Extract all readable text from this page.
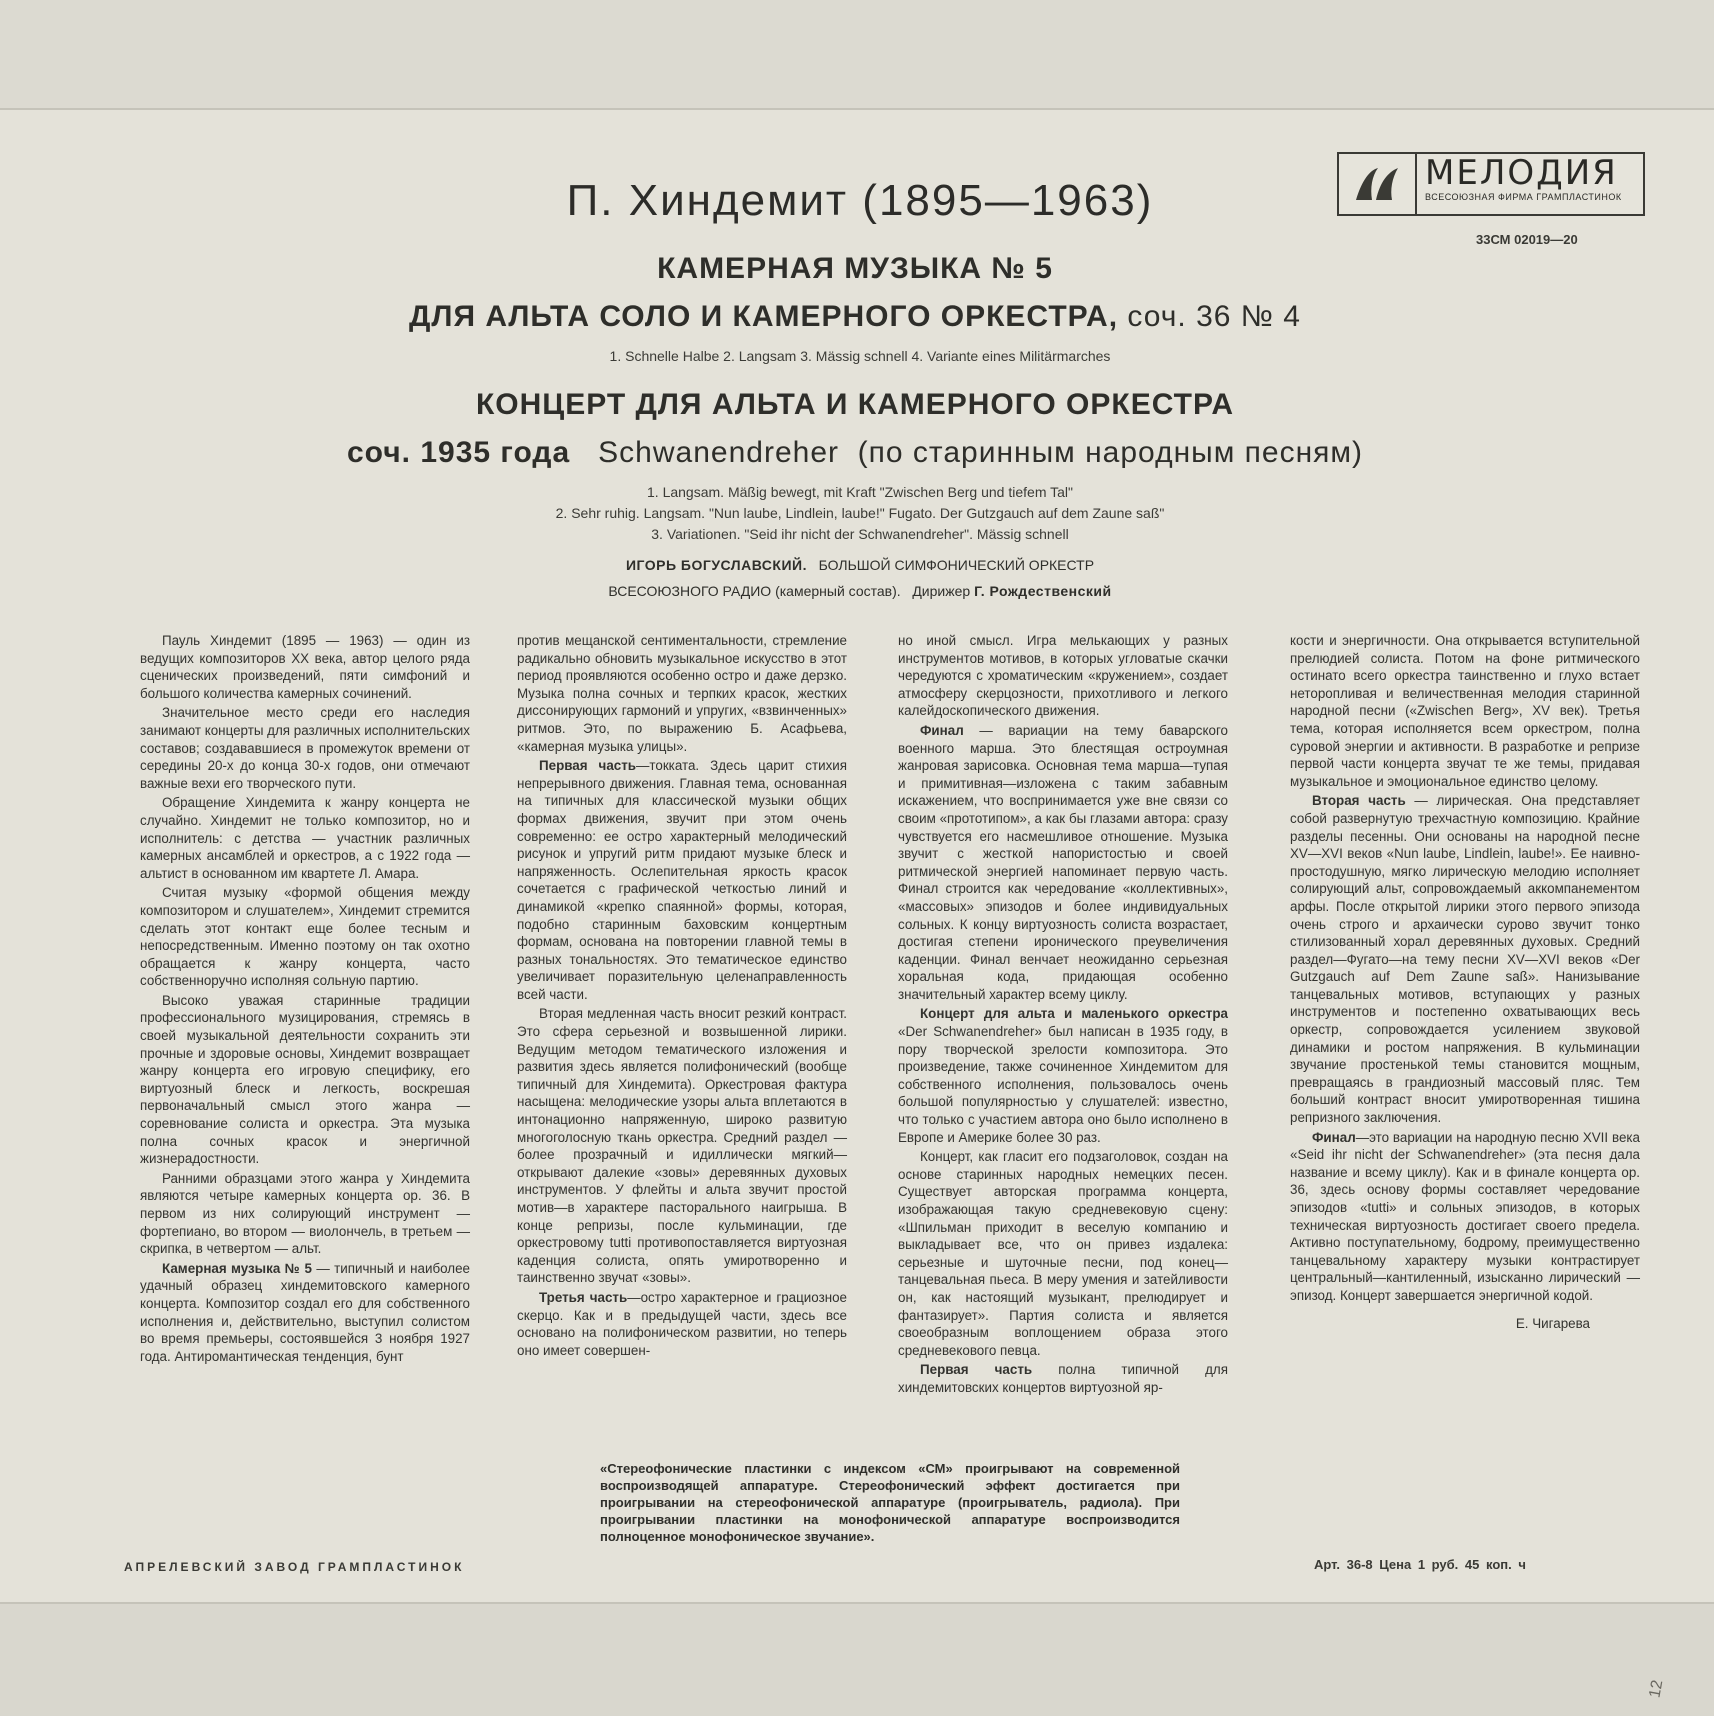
П. Хиндемит (1895—1963)
КАМЕРНАЯ МУЗЫКА № 5
ДЛЯ АЛЬТА СОЛО И КАМЕРНОГО ОРКЕСТРА, соч. 36 № 4
1. Schnelle Halbe 2. Langsam 3. Mässig schnell 4. Variante eines Militärmarches
КОНЦЕРТ ДЛЯ АЛЬТА И КАМЕРНОГО ОРКЕСТРА
соч. 1935 года Schwanendreher (по старинным народным песням)
1. Langsam. Mäßig bewegt, mit Kraft "Zwischen Berg und tiefem Tal"
2. Sehr ruhig. Langsam. "Nun laube, Lindlein, laube!" Fugato. Der Gutzgauch auf dem Zaune saß"
3. Variationen. "Seid ihr nicht der Schwanendreher". Mässig schnell
ИГОРЬ БОГУСЛАВСКИЙ. БОЛЬШОЙ СИМФОНИЧЕСКИЙ ОРКЕСТР
ВСЕСОЮЗНОГО РАДИО (камерный состав). Дирижер Г. Рождественский
МЕЛОДИЯ
ВСЕСОЮЗНАЯ ФИРМА ГРАМПЛАСТИНОК
33СМ 02019—20

Пауль Хиндемит (1895 — 1963) — один из ведущих композиторов XX века, автор целого ряда сценических произведений, пяти симфоний и большого количества камерных сочинений.

Значительное место среди его наследия занимают концерты для различных исполнительских составов; создававшиеся в промежуток времени от середины 20-х до конца 30-х годов, они отмечают важные вехи его творческого пути.

Обращение Хиндемита к жанру концерта не случайно. Хиндемит не только композитор, но и исполнитель: с детства — участник различных камерных ансамблей и оркестров, а с 1922 года — альтист в основанном им квартете Л. Амара.

Считая музыку «формой общения между композитором и слушателем», Хиндемит стремится сделать этот контакт еще более тесным и непосредственным. Именно поэтому он так охотно обращается к жанру концерта, часто собственноручно исполняя сольную партию.

Высоко уважая старинные традиции профессионального музицирования, стремясь в своей музыкальной деятельности сохранить эти прочные и здоровые основы, Хиндемит возвращает жанру концерта его игровую специфику, его виртуозный блеск и легкость, воскрешая первоначальный смысл этого жанра — соревнование солиста и оркестра. Эта музыка полна сочных красок и энергичной жизнерадостности.

Ранними образцами этого жанра у Хиндемита являются четыре камерных концерта ор. 36. В первом из них солирующий инструмент — фортепиано, во втором — виолончель, в третьем — скрипка, в четвертом — альт.

Камерная музыка № 5 — типичный и наиболее удачный образец хиндемитовского камерного концерта. Композитор создал его для собственного исполнения и, действительно, выступил солистом во время премьеры, состоявшейся 3 ноября 1927 года. Антиромантическая тенденция, бунт

против мещанской сентиментальности, стремление радикально обновить музыкальное искусство в этот период проявляются особенно остро и даже дерзко. Музыка полна сочных и терпких красок, жестких диссонирующих гармоний и упругих, «взвинченных» ритмов. Это, по выражению Б. Асафьева, «камерная музыка улицы».

Первая часть—токката. Здесь царит стихия непрерывного движения. Главная тема, основанная на типичных для классической музыки общих формах движения, звучит при этом очень современно: ее остро характерный мелодический рисунок и упругий ритм придают музыке блеск и напряженность. Ослепительная яркость красок сочетается с графической четкостью линий и динамикой «крепко спаянной» формы, которая, подобно старинным баховским концертным формам, основана на повторении главной темы в разных тональностях. Это тематическое единство увеличивает поразительную целенаправленность всей части.

Вторая медленная часть вносит резкий контраст. Это сфера серьезной и возвышенной лирики. Ведущим методом тематического изложения и развития здесь является полифонический (вообще типичный для Хиндемита). Оркестровая фактура насыщена: мелодические узоры альта вплетаются в интонационно напряженную, широко развитую многоголосную ткань оркестра. Средний раздел — более прозрачный и идиллически мягкий—открывают далекие «зовы» деревянных духовых инструментов. У флейты и альта звучит простой мотив—в характере пасторального наигрыша. В конце репризы, после кульминации, где оркестровому tutti противопоставляется виртуозная каденция солиста, опять умиротворенно и таинственно звучат «зовы».

Третья часть—остро характерное и грациозное скерцо. Как и в предыдущей части, здесь все основано на полифоническом развитии, но теперь оно имеет совершен-

но иной смысл. Игра мелькающих у разных инструментов мотивов, в которых угловатые скачки чередуются с хроматическим «кружением», создает атмосферу скерцозности, прихотливого и легкого калейдоскопического движения.

Финал — вариации на тему баварского военного марша. Это блестящая остроумная жанровая зарисовка. Основная тема марша—тупая и примитивная—изложена с таким забавным искажением, что воспринимается уже вне связи со своим «прототипом», а как бы глазами автора: сразу чувствуется его насмешливое отношение. Музыка звучит с жесткой напористостью и своей ритмической энергией напоминает первую часть. Финал строится как чередование «коллективных», «массовых» эпизодов и более индивидуальных сольных. К концу виртуозность солиста возрастает, достигая степени иронического преувеличения каденции. Финал венчает неожиданно серьезная хоральная кода, придающая особенно значительный характер всему циклу.

Концерт для альта и маленького оркестра «Der Schwanendreher» был написан в 1935 году, в пору творческой зрелости композитора. Это произведение, также сочиненное Хиндемитом для собственного исполнения, пользовалось очень большой популярностью у слушателей: известно, что только с участием автора оно было исполнено в Европе и Америке более 30 раз.

Концерт, как гласит его подзаголовок, создан на основе старинных народных немецких песен. Существует авторская программа концерта, изображающая такую средневековую сцену: «Шпильман приходит в веселую компанию и выкладывает все, что он привез издалека: серьезные и шуточные песни, под конец—танцевальная пьеса. В меру умения и затейливости он, как настоящий музыкант, прелюдирует и фантазирует». Партия солиста и является своеобразным воплощением образа этого средневекового певца.

Первая часть полна типичной для хиндемитовских концертов виртуозной яр-

кости и энергичности. Она открывается вступительной прелюдией солиста. Потом на фоне ритмического остинато всего оркестра таинственно и глухо встает неторопливая и величественная мелодия старинной народной песни («Zwischen Berg», XV век). Третья тема, которая исполняется всем оркестром, полна суровой энергии и активности. В разработке и репризе первой части концерта звучат те же темы, придавая музыкальное и эмоциональное единство целому.

Вторая часть — лирическая. Она представляет собой развернутую трехчастную композицию. Крайние разделы песенны. Они основаны на народной песне XV—XVI веков «Nun laube, Lindlein, laube!». Ее наивно-простодушную, мягко лирическую мелодию исполняет солирующий альт, сопровождаемый аккомпанементом арфы. После открытой лирики этого первого эпизода очень строго и архаически сурово звучит тонко стилизованный хорал деревянных духовых. Средний раздел—Фугато—на тему песни XV—XVI веков «Der Gutzgauch auf Dem Zaune saß». Нанизывание танцевальных мотивов, вступающих у разных инструментов и постепенно охватывающих весь оркестр, сопровождается усилением звуковой динамики и ростом напряжения. В кульминации звучание простенькой темы становится мощным, превращаясь в грандиозный массовый пляс. Тем больший контраст вносит умиротворенная тишина репризного заключения.

Финал—это вариации на народную песню XVII века «Seid ihr nicht der Schwanendreher» (эта песня дала название и всему циклу). Как и в финале концерта ор. 36, здесь основу формы составляет чередование эпизодов «tutti» и сольных эпизодов, в которых техническая виртуозность достигает своего предела. Активно поступательному, бодрому, преимущественно танцевальному характеру музыки контрастирует центральный—кантиленный, изысканно лирический — эпизод. Концерт завершается энергичной кодой.

Е. Чигарева
«Стереофонические пластинки с индексом «СМ» проигрывают на современной воспроизводящей аппаратуре. Стереофонический эффект достигается при проигрывании на стереофонической аппаратуре (проигрыватель, радиола). При проигрывании пластинки на монофонической аппаратуре воспроизводится полноценное монофоническое звучание».
АПРЕЛЕВСКИЙ ЗАВОД ГРАМПЛАСТИНОК	Арт. 36-8 Цена 1 руб. 45 коп. ч
12
